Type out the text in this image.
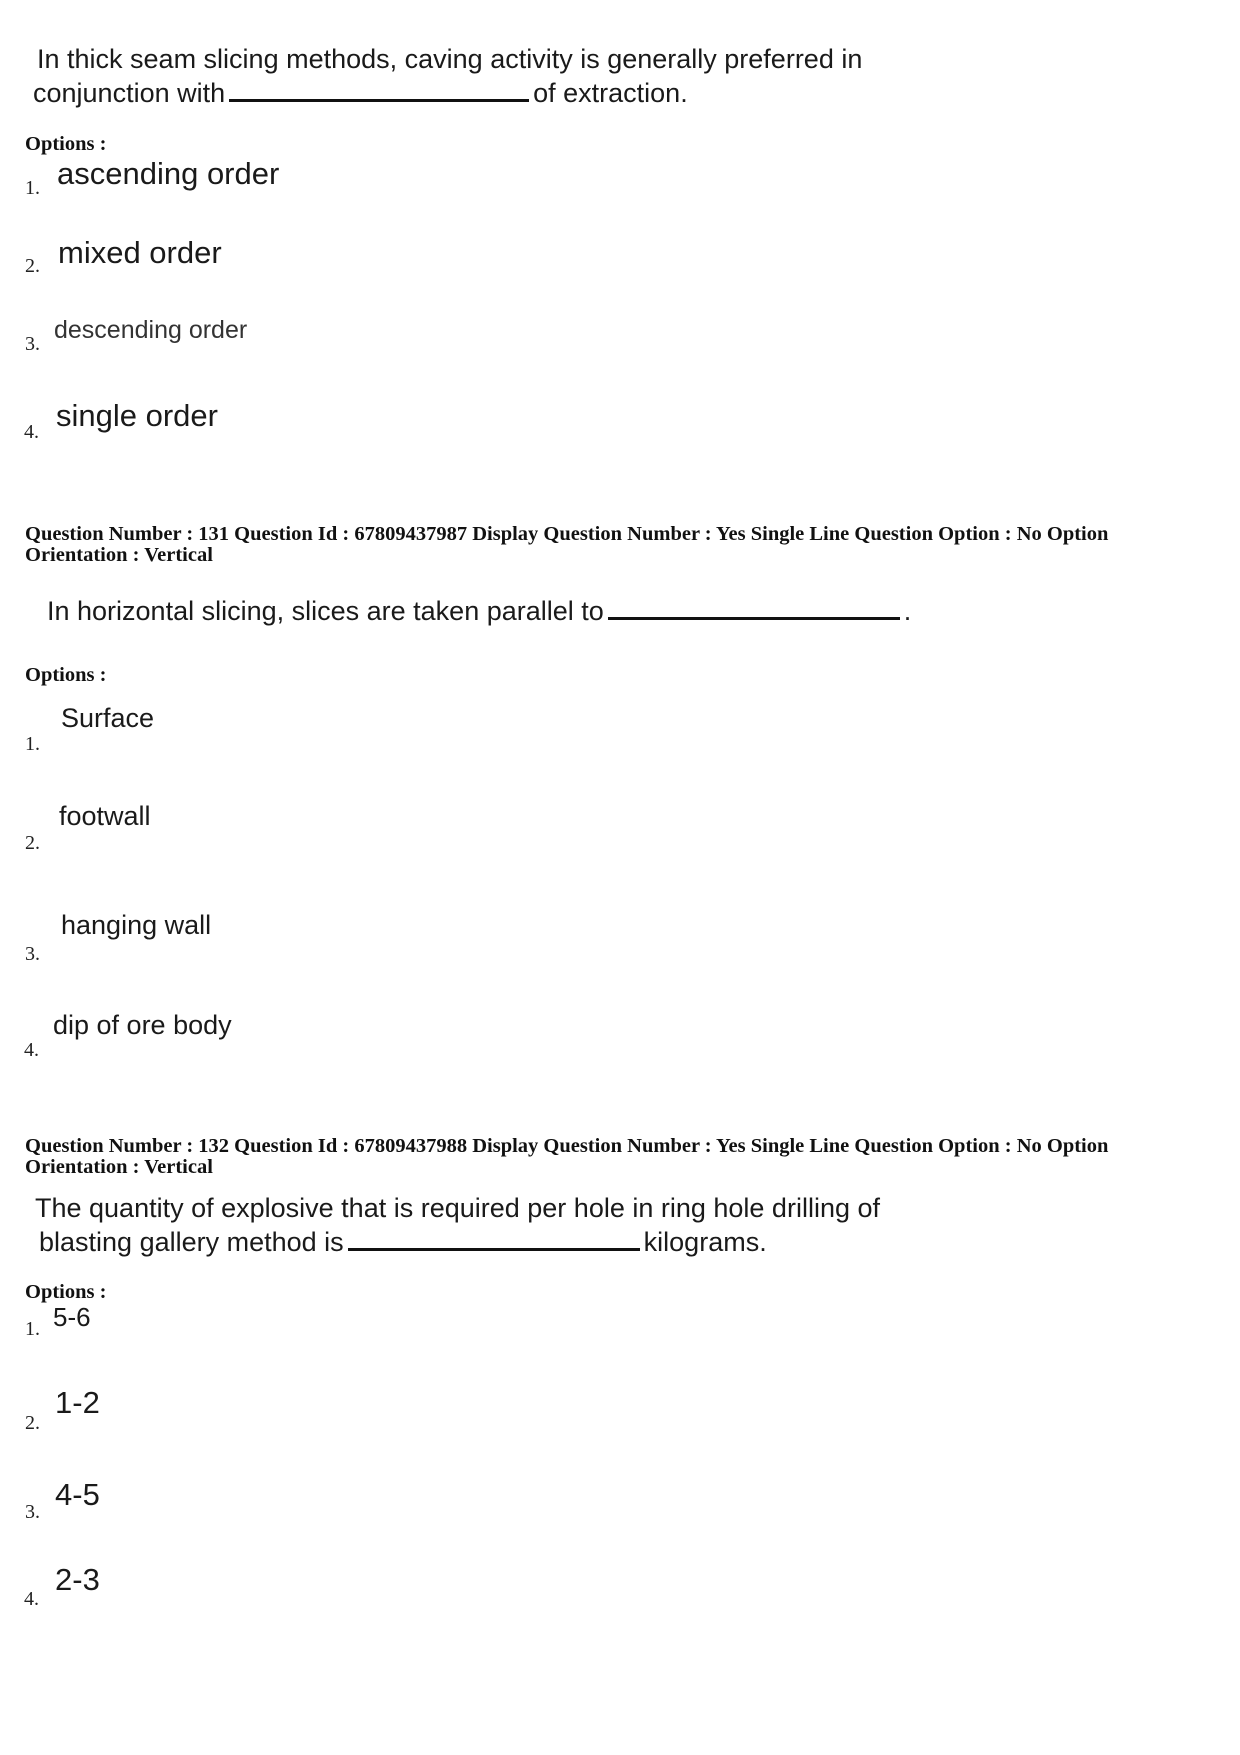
In thick seam slicing methods, caving activity is generally preferred in
conjunction with	of extraction.
Options :
1. ascending order
2. mixed order
3. descending order
4. single order
Question Number : 131 Question Id : 67809437987 Display Question Number : Yes Single Line Question Option : No Option Orientation : Vertical
In horizontal slicing, slices are taken parallel to	.
Options :
1.
Surface
2.
footwall
3.
hanging wall
4.
dip of ore body
Question Number : 132 Question Id : 67809437988 Display Question Number : Yes Single Line Question Option : No Option Orientation : Vertical
The quantity of explosive that is required per hole in ring hole drilling of
blasting gallery method is	kilograms.
Options :
1. 5-6
2.
1-2
3. 4-5
4.
2-3
